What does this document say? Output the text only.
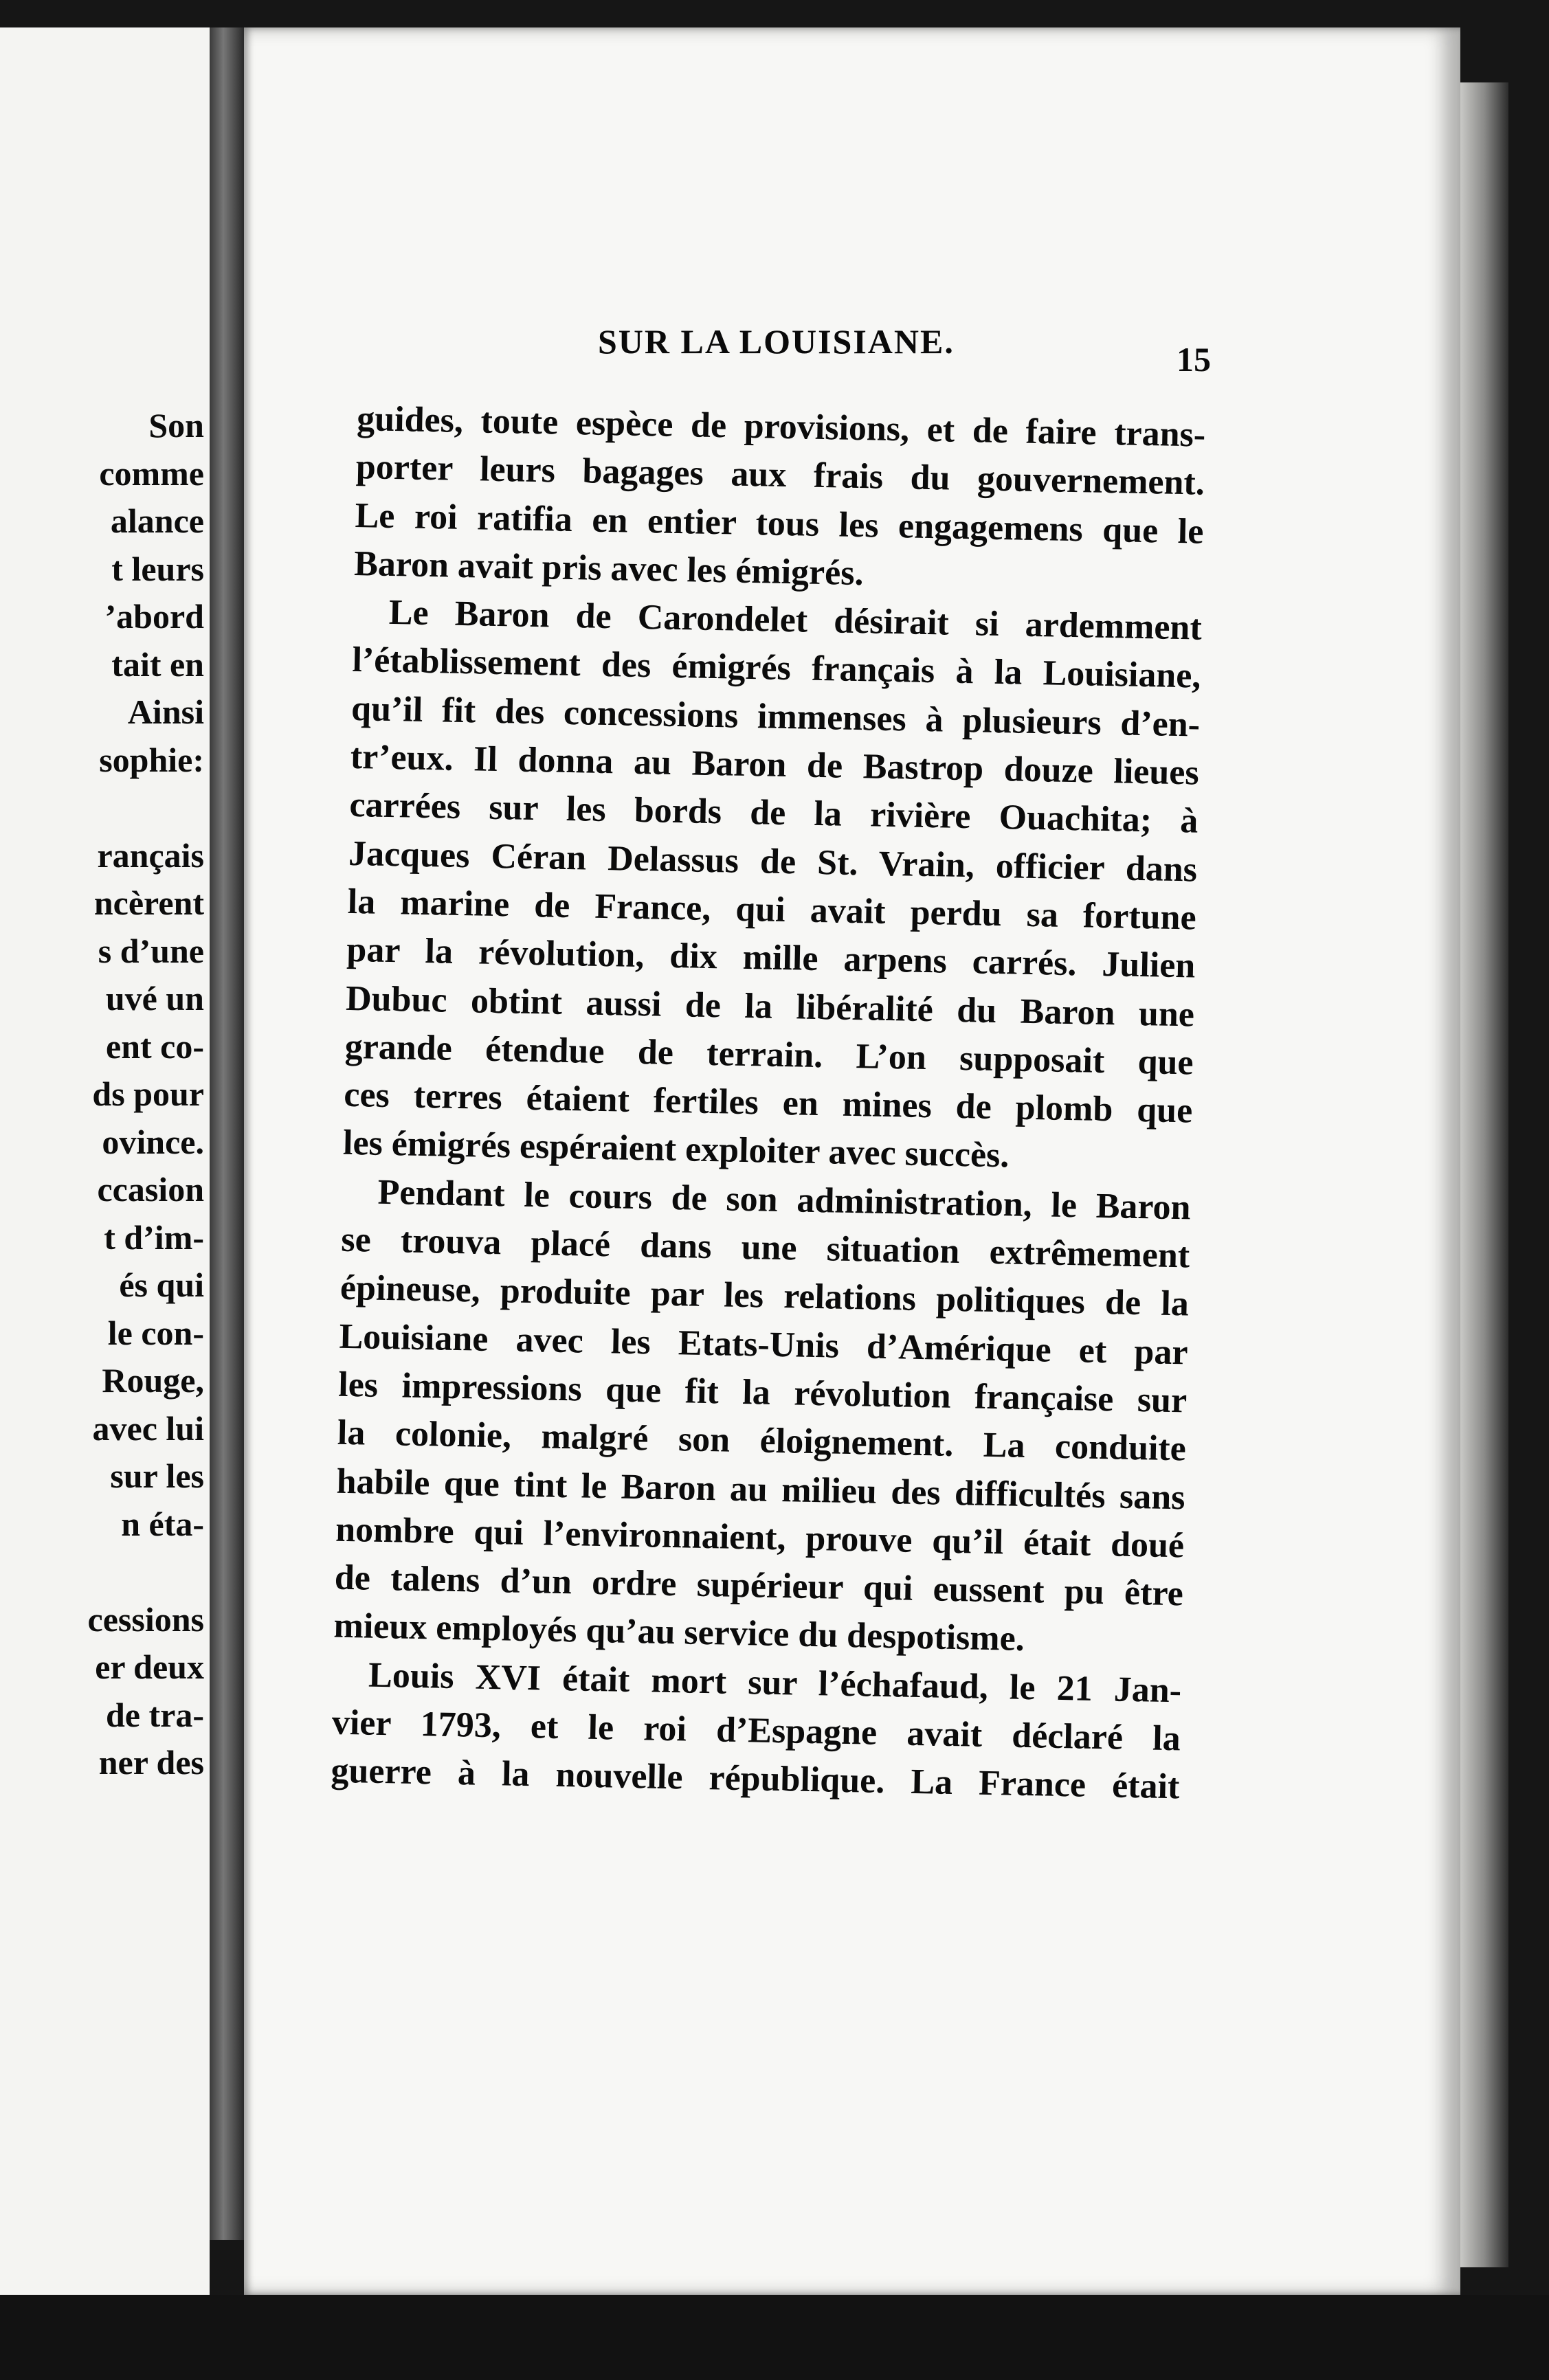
Son
comme
alance
t leurs
’abord
tait en
Ainsi
sophie:
rançais
ncèrent
s d’une
uvé un
ent co-
ds pour
ovince.
ccasion
t d’im-
és qui
le con-
Rouge,
avec lui
sur les
n éta-
cessions
er deux
de tra-
ner des
SUR LA LOUISIANE.	15
guides, toute espèce de provisions, et de faire trans-
porter leurs bagages aux frais du gouvernement.
Le roi ratifia en entier tous les engagemens que le
Baron avait pris avec les émigrés.
Le Baron de Carondelet désirait si ardemment
l’établissement des émigrés français à la Louisiane,
qu’il fit des concessions immenses à plusieurs d’en-
tr’eux. Il donna au Baron de Bastrop douze lieues
carrées sur les bords de la rivière Ouachita; à
Jacques Céran Delassus de St. Vrain, officier dans
la marine de France, qui avait perdu sa fortune
par la révolution, dix mille arpens carrés. Julien
Dubuc obtint aussi de la libéralité du Baron une
grande étendue de terrain. L’on supposait que
ces terres étaient fertiles en mines de plomb que
les émigrés espéraient exploiter avec succès.
Pendant le cours de son administration, le Baron
se trouva placé dans une situation extrêmement
épineuse, produite par les relations politiques de la
Louisiane avec les Etats-Unis d’Amérique et par
les impressions que fit la révolution française sur
la colonie, malgré son éloignement. La conduite
habile que tint le Baron au milieu des difficultés sans
nombre qui l’environnaient, prouve qu’il était doué
de talens d’un ordre supérieur qui eussent pu être
mieux employés qu’au service du despotisme.
Louis XVI était mort sur l’échafaud, le 21 Jan-
vier 1793, et le roi d’Espagne avait déclaré la
guerre à la nouvelle république. La France était
